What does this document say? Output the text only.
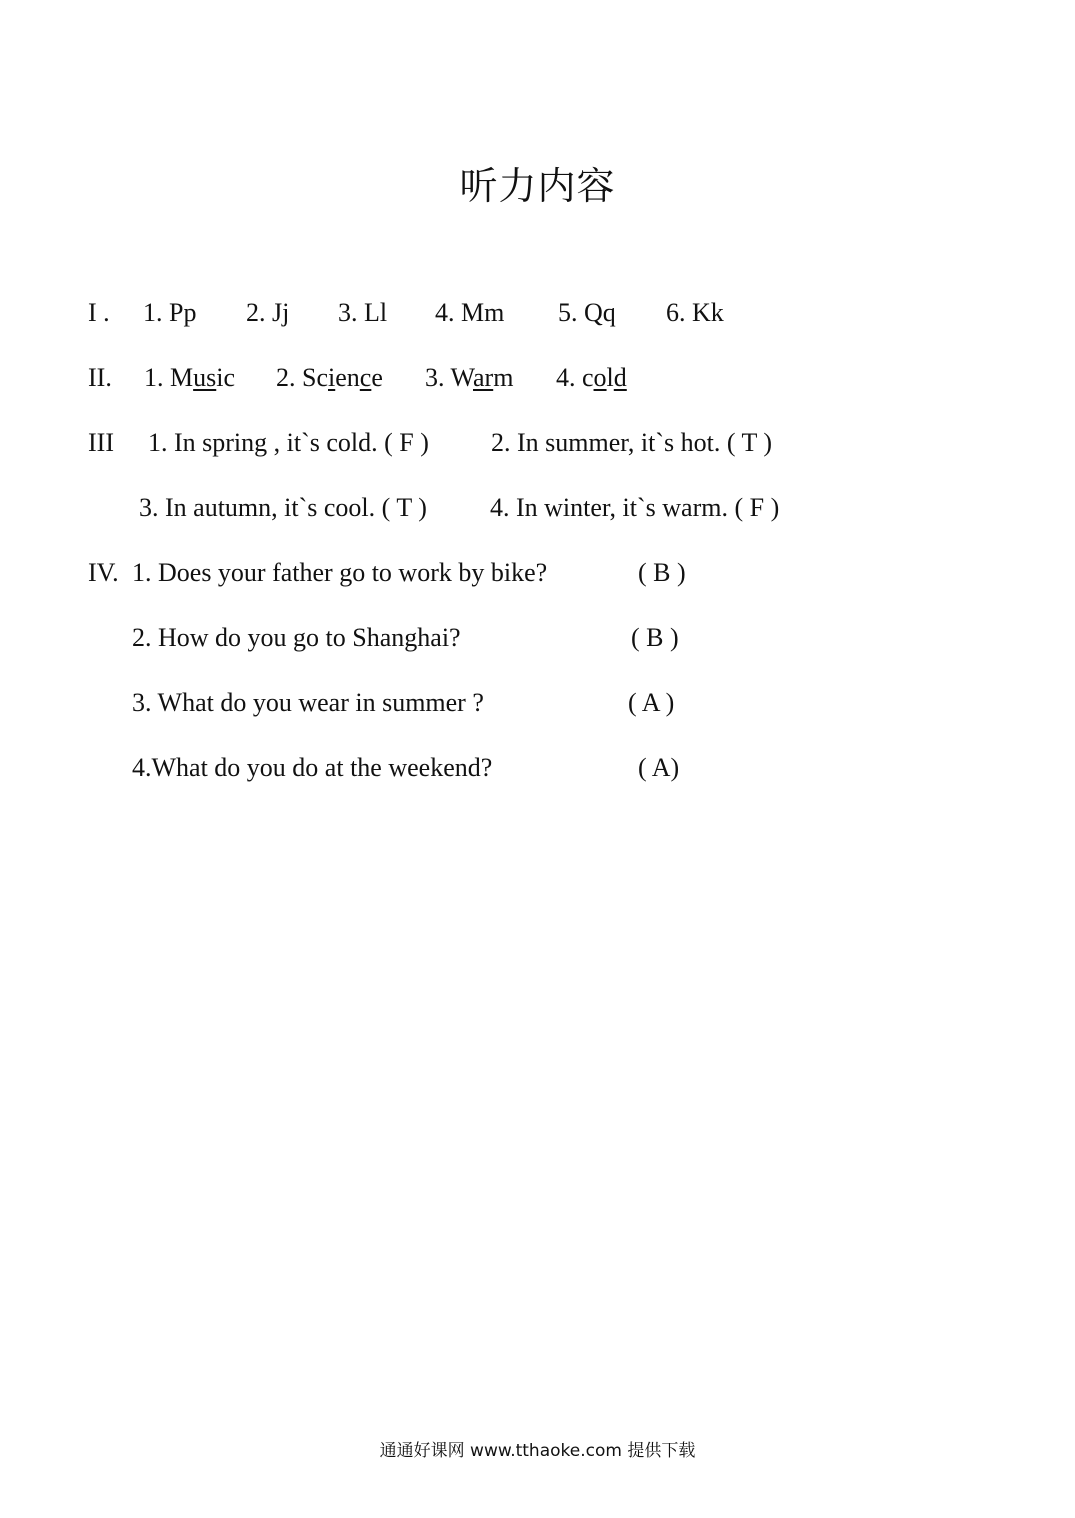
听力内容
I . 1. Pp 2. Jj 3. Ll 4. Mm 5. Qq 6. Kk
II. 1. Music 2. Science 3. Warm 4. cold
III 1. In spring , it`s cold. ( F ) 2. In summer, it`s hot. ( T )
3. In autumn, it`s cool. ( T ) 4. In winter, it`s warm. ( F )
IV. 1. Does your father go to work by bike?	( B )
2. How do you go to Shanghai?	( B )
3. What do you wear in summer ?	( A )
4.What do you do at the weekend?	( A)
通通好课网 www.tthaoke.com 提供下载
